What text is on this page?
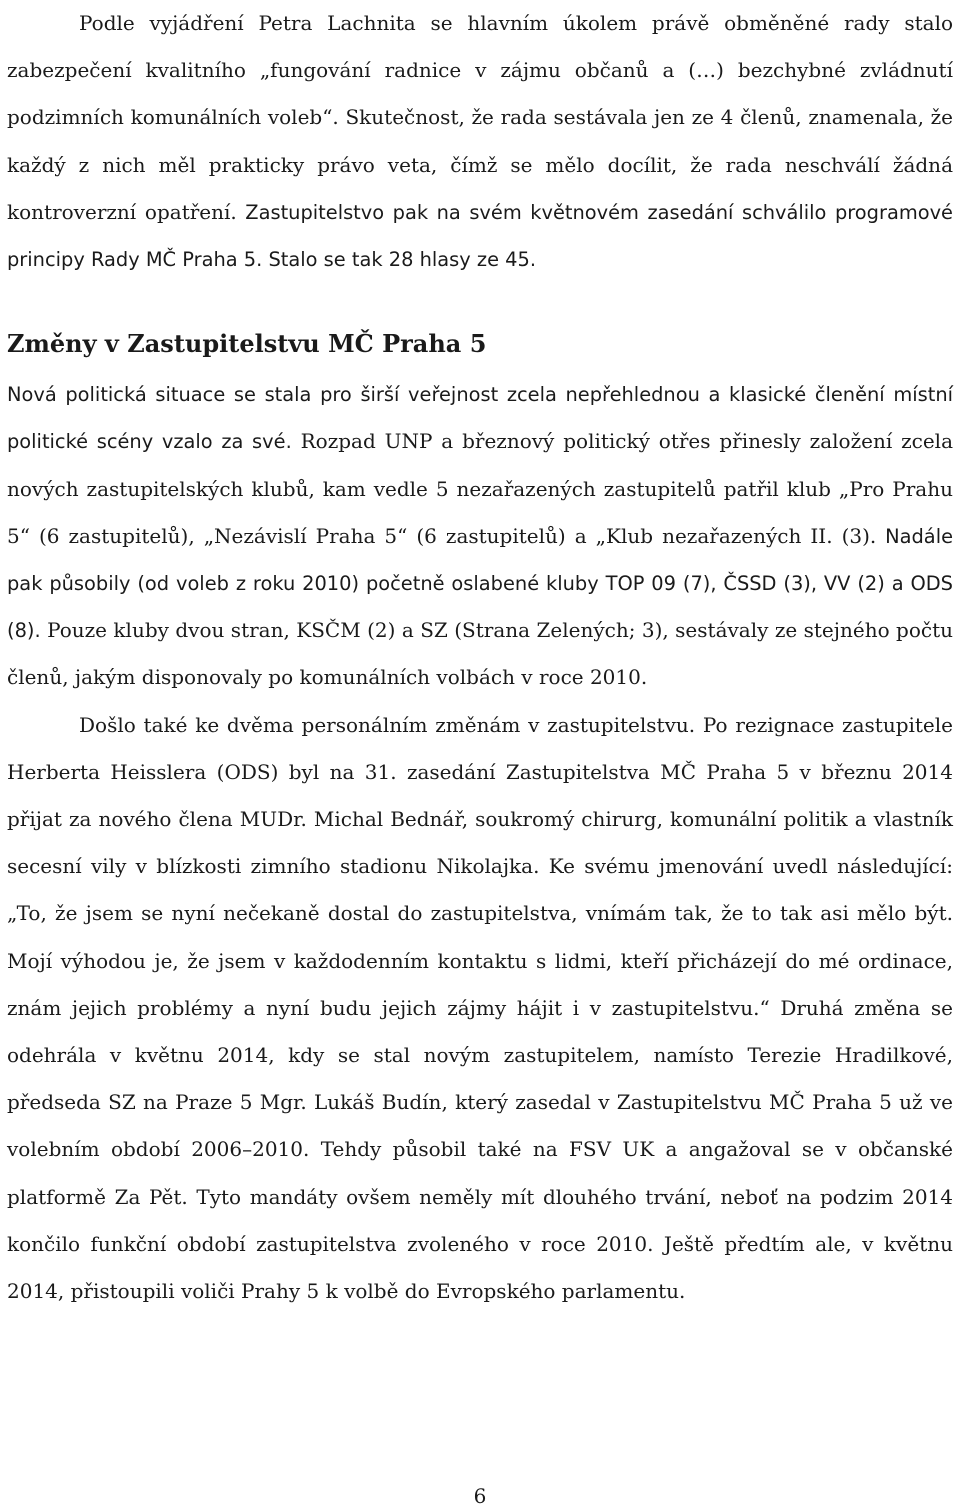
Podle vyjádření Petra Lachnita se hlavním úkolem právě obměněné rady stalo zabezpečení kvalitního „fungování radnice v zájmu občanů a (…) bezchybné zvládnutí podzimních komunálních voleb“. Skutečnost, že rada sestávala jen ze 4 členů, znamenala, že každý z nich měl prakticky právo veta, čímž se mělo docílit, že rada neschválí žádná kontroverzní opatření. Zastupitelstvo pak na svém květnovém zasedání schválilo programové principy Rady MČ Praha 5. Stalo se tak 28 hlasy ze 45.

Změny v Zastupitelstvu MČ Praha 5

Nová politická situace se stala pro širší veřejnost zcela nepřehlednou a klasické členění místní politické scény vzalo za své. Rozpad UNP a březnový politický otřes přinesly založení zcela nových zastupitelských klubů, kam vedle 5 nezařazených zastupitelů patřil klub „Pro Prahu 5“ (6 zastupitelů), „Nezávislí Praha 5“ (6 zastupitelů) a „Klub nezařazených II. (3). Nadále pak působily (od voleb z roku 2010) početně oslabené kluby TOP 09 (7), ČSSD (3), VV (2) a ODS (8). Pouze kluby dvou stran, KSČM (2) a SZ (Strana Zelených; 3), sestávaly ze stejného počtu členů, jakým disponovaly po komunálních volbách v roce 2010.

Došlo také ke dvěma personálním změnám v zastupitelstvu. Po rezignace zastupitele Herberta Heisslera (ODS) byl na 31. zasedání Zastupitelstva MČ Praha 5 v březnu 2014 přijat za nového člena MUDr. Michal Bednář, soukromý chirurg, komunální politik a vlastník secesní vily v blízkosti zimního stadionu Nikolajka. Ke svému jmenování uvedl následující: „To, že jsem se nyní nečekaně dostal do zastupitelstva, vnímám tak, že to tak asi mělo být. Mojí výhodou je, že jsem v každodenním kontaktu s lidmi, kteří přicházejí do mé ordinace, znám jejich problémy a nyní budu jejich zájmy hájit i v zastupitelstvu.“ Druhá změna se odehrála v květnu 2014, kdy se stal novým zastupitelem, namísto Terezie Hradilkové, předseda SZ na Praze 5 Mgr. Lukáš Budín, který zasedal v Zastupitelstvu MČ Praha 5 už ve volebním období 2006–2010. Tehdy působil také na FSV UK a angažoval se v občanské platformě Za Pět. Tyto mandáty ovšem neměly mít dlouhého trvání, neboť na podzim 2014 končilo funkční období zastupitelstva zvoleného v roce 2010. Ještě předtím ale, v květnu 2014, přistoupili voliči Prahy 5 k volbě do Evropského parlamentu.

6
